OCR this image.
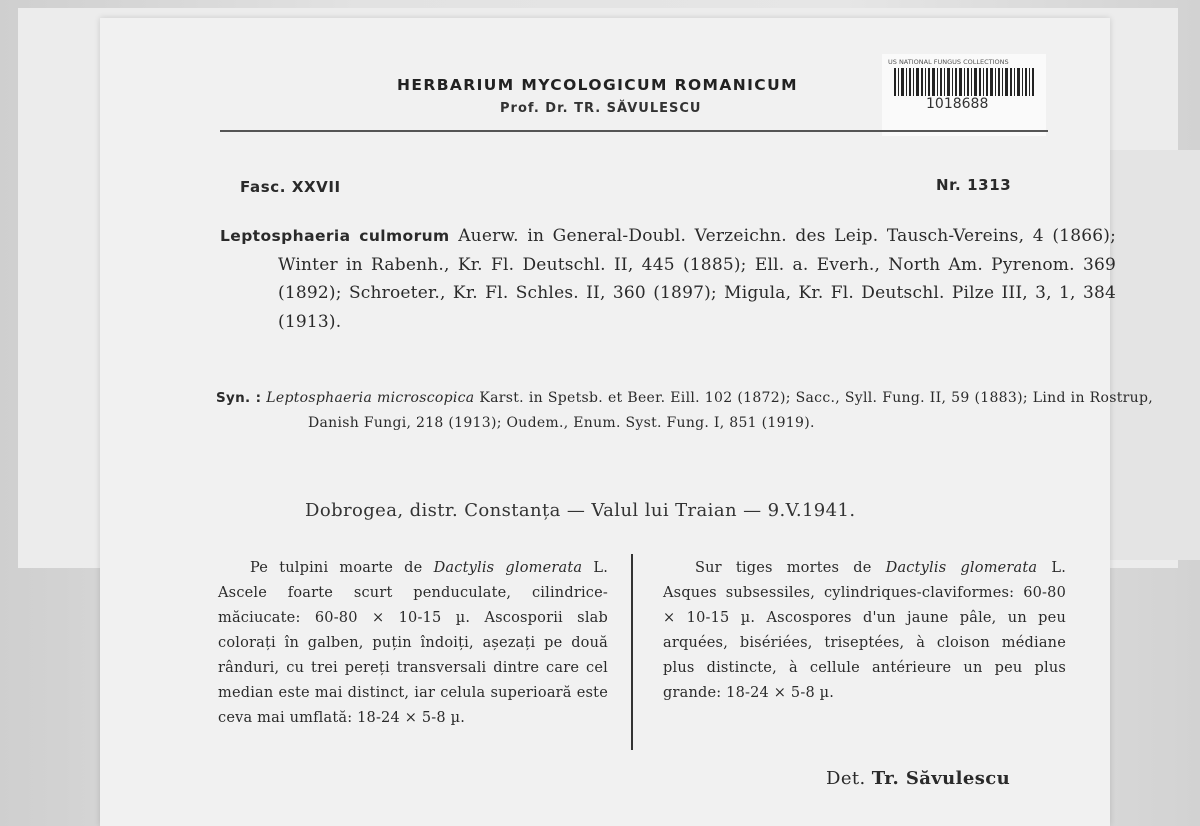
HERBARIUM MYCOLOGICUM ROMANICUM
Prof. Dr. TR. SĂVULESCU
US NATIONAL FUNGUS COLLECTIONS
1018688
Fasc. XXVII	Nr. 1313
Leptosphaeria culmorum Auerw. in General-Doubl. Verzeichn. des Leip. Tausch-Vereins, 4 (1866); Winter in Rabenh., Kr. Fl. Deutschl. II, 445 (1885); Ell. a. Everh., North Am. Pyrenom. 369 (1892); Schroeter., Kr. Fl. Schles. II, 360 (1897); Migula, Kr. Fl. Deutschl. Pilze III, 3, 1, 384 (1913).
Syn. : Leptosphaeria microscopica Karst. in Spetsb. et Beer. Eill. 102 (1872); Sacc., Syll. Fung. II, 59 (1883); Lind in Rostrup, Danish Fungi, 218 (1913); Oudem., Enum. Syst. Fung. I, 851 (1919).
Dobrogea, distr. Constanța — Valul lui Traian — 9.V.1941.

Pe tulpini moarte de Dactylis glomerata L. Ascele foarte scurt penduculate, cilindrice-măciucate: 60-80 × 10-15 µ. Ascosporii slab colorați în galben, puțin îndoiți, așezați pe două rânduri, cu trei pereți transversali dintre care cel median este mai distinct, iar celula superioară este ceva mai umflată: 18-24 × 5-8 µ.

Sur tiges mortes de Dactylis glomerata L. Asques subsessiles, cylindriques-claviformes: 60-80 × 10-15 µ. Ascospores d'un jaune pâle, un peu arquées, bisériées, triseptées, à cloison médiane plus distincte, à cellule antérieure un peu plus grande: 18-24 × 5-8 µ.

Det. Tr. Săvulescu
